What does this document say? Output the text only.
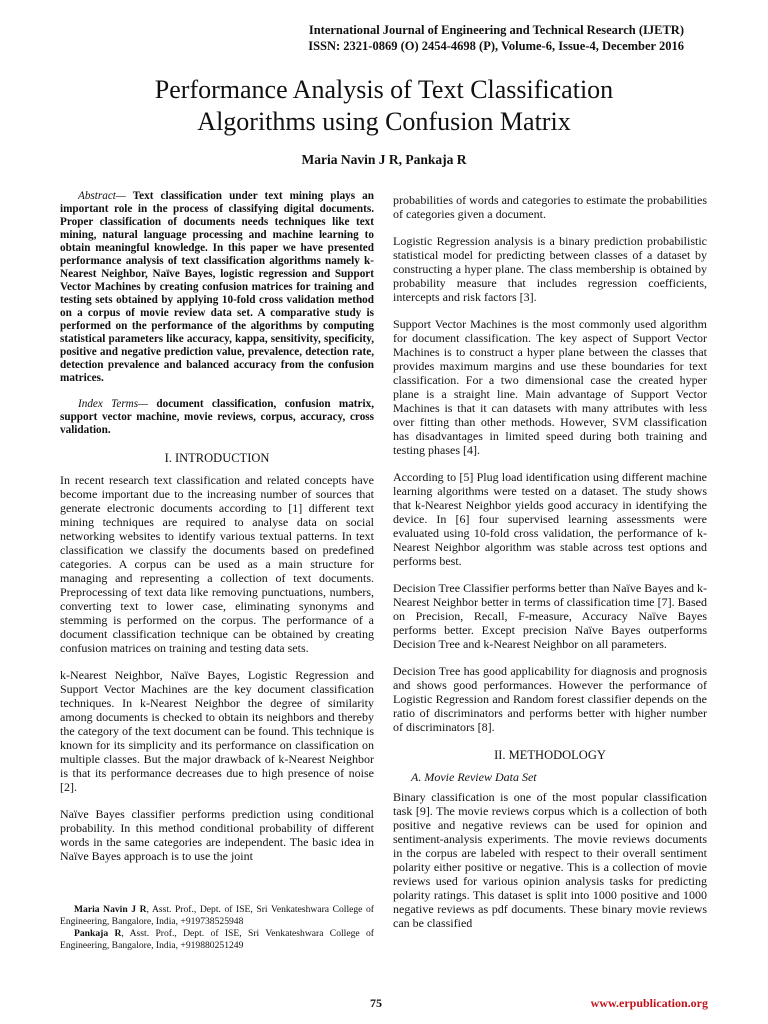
International Journal of Engineering and Technical Research (IJETR)
ISSN: 2321-0869 (O) 2454-4698 (P), Volume-6, Issue-4, December 2016
Performance Analysis of Text Classification
Algorithms using Confusion Matrix
Maria Navin J R, Pankaja R

Abstract— Text classification under text mining plays an important role in the process of classifying digital documents. Proper classification of documents needs techniques like text mining, natural language processing and machine learning to obtain meaningful knowledge. In this paper we have presented performance analysis of text classification algorithms namely k-Nearest Neighbor, Naïve Bayes, logistic regression and Support Vector Machines by creating confusion matrices for training and testing sets obtained by applying 10-fold cross validation method on a corpus of movie review data set. A comparative study is performed on the performance of the algorithms by computing statistical parameters like accuracy, kappa, sensitivity, specificity, positive and negative prediction value, prevalence, detection rate, detection prevalence and balanced accuracy from the confusion matrices.

Index Terms— document classification, confusion matrix, support vector machine, movie reviews, corpus, accuracy, cross validation.

I. INTRODUCTION

In recent research text classification and related concepts have become important due to the increasing number of sources that generate electronic documents according to [1] different text mining techniques are required to analyse data on social networking websites to identify various textual patterns. In text classification we classify the documents based on predefined categories. A corpus can be used as a main structure for managing and representing a collection of text documents. Preprocessing of text data like removing punctuations, numbers, converting text to lower case, eliminating synonyms and stemming is performed on the corpus. The performance of a document classification technique can be obtained by creating confusion matrices on training and testing data sets.

k-Nearest Neighbor, Naïve Bayes, Logistic Regression and Support Vector Machines are the key document classification techniques. In k-Nearest Neighbor the degree of similarity among documents is checked to obtain its neighbors and thereby the category of the text document can be found. This technique is known for its simplicity and its performance on classification on multiple classes. But the major drawback of k-Nearest Neighbor is that its performance decreases due to high presence of noise [2].

Naïve Bayes classifier performs prediction using conditional probability. In this method conditional probability of different words in the same categories are independent. The basic idea in Naïve Bayes approach is to use the joint

probabilities of words and categories to estimate the probabilities of categories given a document.

Logistic Regression analysis is a binary prediction probabilistic statistical model for predicting between classes of a dataset by constructing a hyper plane. The class membership is obtained by probability measure that includes regression coefficients, intercepts and risk factors [3].

Support Vector Machines is the most commonly used algorithm for document classification. The key aspect of Support Vector Machines is to construct a hyper plane between the classes that provides maximum margins and use these boundaries for text classification. For a two dimensional case the created hyper plane is a straight line. Main advantage of Support Vector Machines is that it can datasets with many attributes with less over fitting than other methods. However, SVM classification has disadvantages in limited speed during both training and testing phases [4].

According to [5] Plug load identification using different machine learning algorithms were tested on a dataset. The study shows that k-Nearest Neighbor yields good accuracy in identifying the device. In [6] four supervised learning assessments were evaluated using 10-fold cross validation, the performance of k-Nearest Neighbor algorithm was stable across test options and performs best.

Decision Tree Classifier performs better than Naïve Bayes and k-Nearest Neighbor better in terms of classification time [7]. Based on Precision, Recall, F-measure, Accuracy Naïve Bayes performs better. Except precision Naïve Bayes outperforms Decision Tree and k-Nearest Neighbor on all parameters.

Decision Tree has good applicability for diagnosis and prognosis and shows good performances. However the performance of Logistic Regression and Random forest classifier depends on the ratio of discriminators and performs better with higher number of discriminators [8].

II. METHODOLOGY
A. Movie Review Data Set

Binary classification is one of the most popular classification task [9]. The movie reviews corpus which is a collection of both positive and negative reviews can be used for opinion and sentiment-analysis experiments. The movie reviews documents in the corpus are labeled with respect to their overall sentiment polarity either positive or negative. This is a collection of movie reviews used for various opinion analysis tasks for predicting polarity ratings. This dataset is split into 1000 positive and 1000 negative reviews as pdf documents. These binary movie reviews can be classified

Maria Navin J R, Asst. Prof., Dept. of ISE, Sri Venkateshwara College of Engineering, Bangalore, India, +919738525948

Pankaja R, Asst. Prof., Dept. of ISE, Sri Venkateshwara College of Engineering, Bangalore, India, +919880251249

75	www.erpublication.org
